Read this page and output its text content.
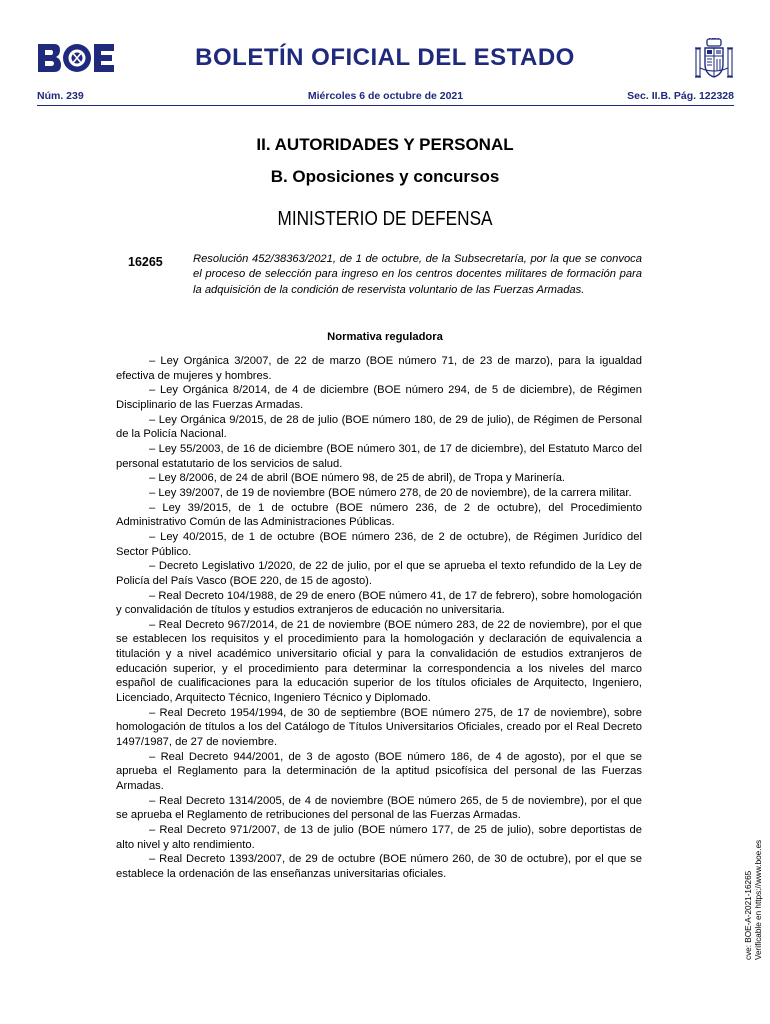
BOLETÍN OFICIAL DEL ESTADO
Núm. 239	Miércoles 6 de octubre de 2021	Sec. II.B. Pág. 122328
II. AUTORIDADES Y PERSONAL
B. Oposiciones y concursos
MINISTERIO DE DEFENSA
16265	Resolución 452/38363/2021, de 1 de octubre, de la Subsecretaría, por la que se convoca el proceso de selección para ingreso en los centros docentes militares de formación para la adquisición de la condición de reservista voluntario de las Fuerzas Armadas.

Normativa reguladora
– Ley Orgánica 3/2007, de 22 de marzo (BOE número 71, de 23 de marzo), para la igualdad efectiva de mujeres y hombres.
– Ley Orgánica 8/2014, de 4 de diciembre (BOE número 294, de 5 de diciembre), de Régimen Disciplinario de las Fuerzas Armadas.
– Ley Orgánica 9/2015, de 28 de julio (BOE número 180, de 29 de julio), de Régimen de Personal de la Policía Nacional.
– Ley 55/2003, de 16 de diciembre (BOE número 301, de 17 de diciembre), del Estatuto Marco del personal estatutario de los servicios de salud.
– Ley 8/2006, de 24 de abril (BOE número 98, de 25 de abril), de Tropa y Marinería.
– Ley 39/2007, de 19 de noviembre (BOE número 278, de 20 de noviembre), de la carrera militar.
– Ley 39/2015, de 1 de octubre (BOE número 236, de 2 de octubre), del Procedimiento Administrativo Común de las Administraciones Públicas.
– Ley 40/2015, de 1 de octubre (BOE número 236, de 2 de octubre), de Régimen Jurídico del Sector Público.
– Decreto Legislativo 1/2020, de 22 de julio, por el que se aprueba el texto refundido de la Ley de Policía del País Vasco (BOE 220, de 15 de agosto).
– Real Decreto 104/1988, de 29 de enero (BOE número 41, de 17 de febrero), sobre homologación y convalidación de títulos y estudios extranjeros de educación no universitaria.
– Real Decreto 967/2014, de 21 de noviembre (BOE número 283, de 22 de noviembre), por el que se establecen los requisitos y el procedimiento para la homologación y declaración de equivalencia a titulación y a nivel académico universitario oficial y para la convalidación de estudios extranjeros de educación superior, y el procedimiento para determinar la correspondencia a los niveles del marco español de cualificaciones para la educación superior de los títulos oficiales de Arquitecto, Ingeniero, Licenciado, Arquitecto Técnico, Ingeniero Técnico y Diplomado.
– Real Decreto 1954/1994, de 30 de septiembre (BOE número 275, de 17 de noviembre), sobre homologación de títulos a los del Catálogo de Títulos Universitarios Oficiales, creado por el Real Decreto 1497/1987, de 27 de noviembre.
– Real Decreto 944/2001, de 3 de agosto (BOE número 186, de 4 de agosto), por el que se aprueba el Reglamento para la determinación de la aptitud psicofísica del personal de las Fuerzas Armadas.
– Real Decreto 1314/2005, de 4 de noviembre (BOE número 265, de 5 de noviembre), por el que se aprueba el Reglamento de retribuciones del personal de las Fuerzas Armadas.
– Real Decreto 971/2007, de 13 de julio (BOE número 177, de 25 de julio), sobre deportistas de alto nivel y alto rendimiento.
– Real Decreto 1393/2007, de 29 de octubre (BOE número 260, de 30 de octubre), por el que se establece la ordenación de las enseñanzas universitarias oficiales.	cve: BOE-A-2021-16265 Verificable en https://www.boe.es
